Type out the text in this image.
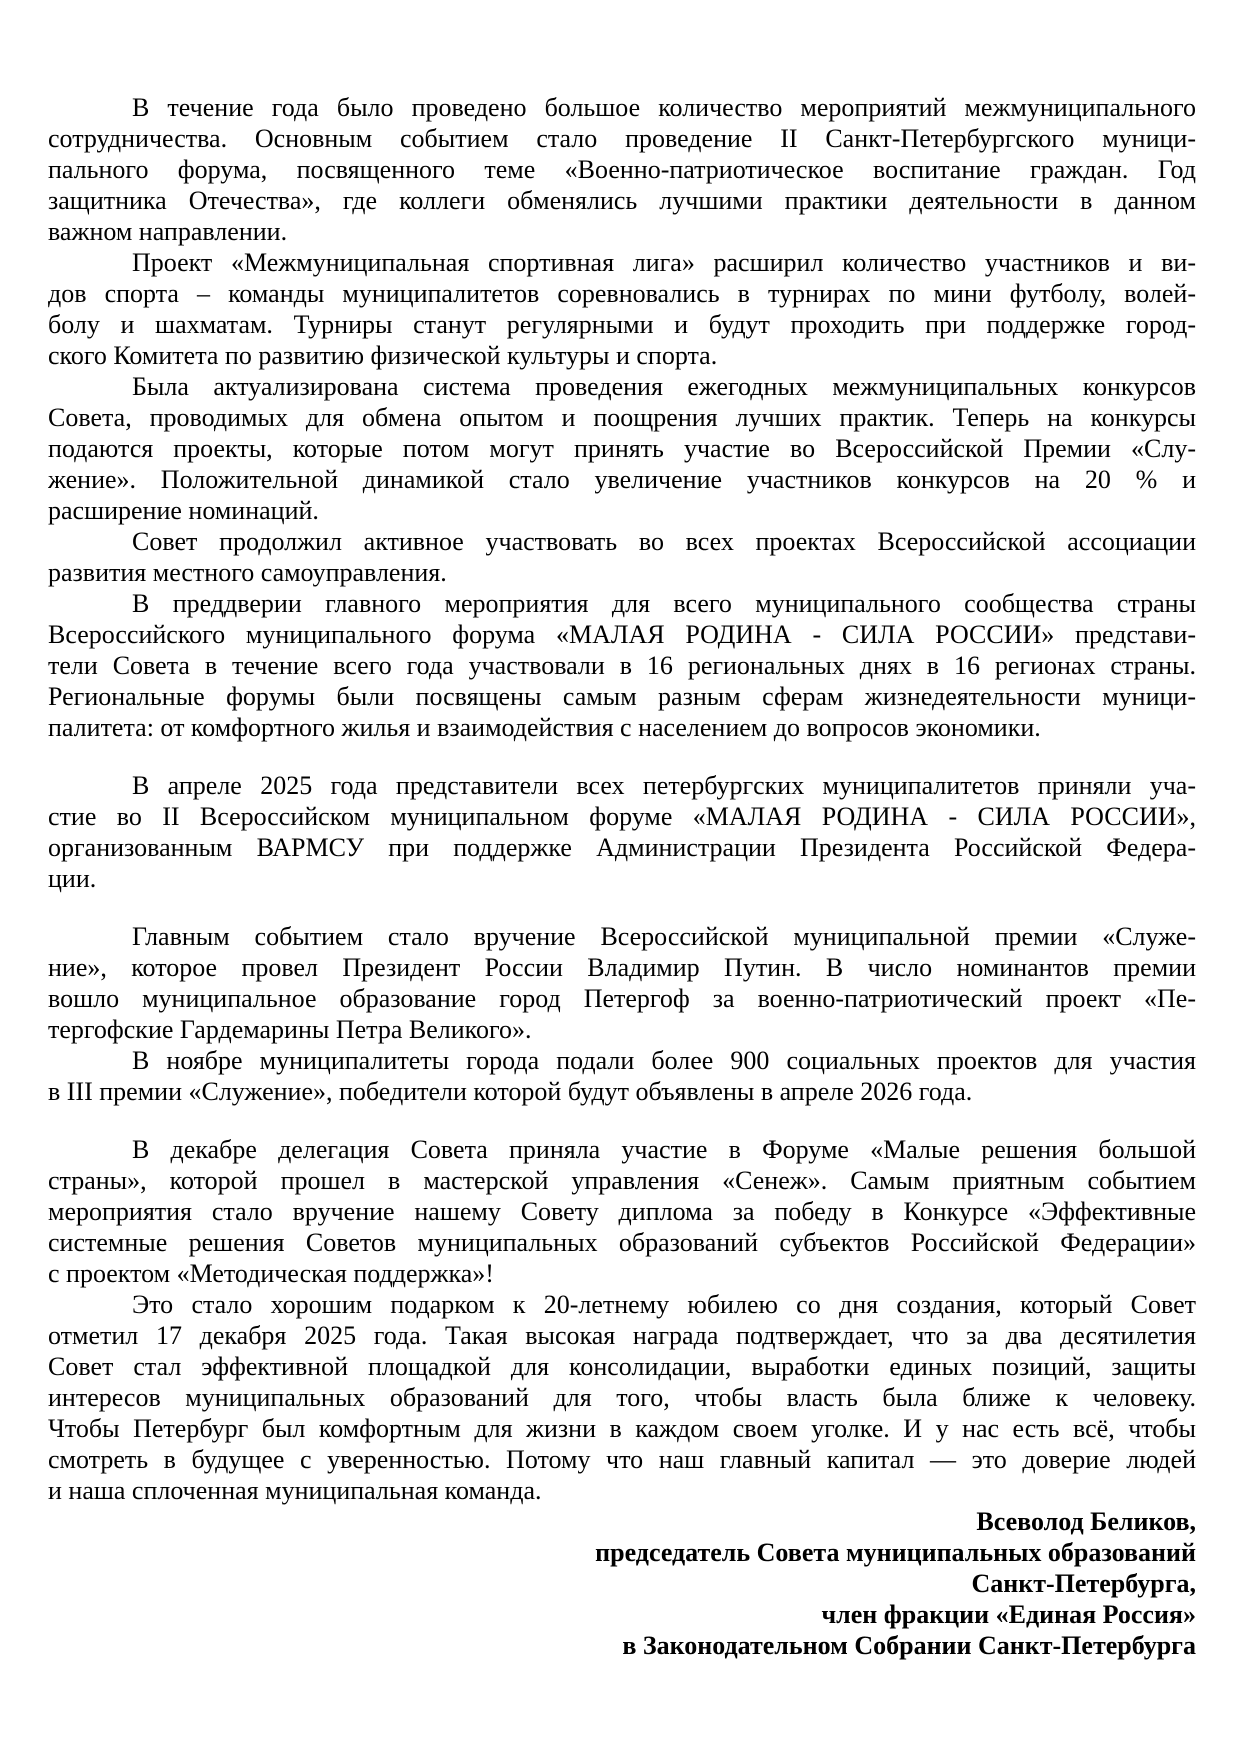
В течение года было проведено большое количество мероприятий межмуниципального
сотрудничества. Основным событием стало проведение II Санкт-Петербургского муници-
пального форума, посвященного теме «Военно-патриотическое воспитание граждан. Год
защитника Отечества», где коллеги обменялись лучшими практики деятельности в данном
важном направлении.
Проект «Межмуниципальная спортивная лига» расширил количество участников и ви-
дов спорта – команды муниципалитетов соревновались в турнирах по мини футболу, волей-
болу и шахматам. Турниры станут регулярными и будут проходить при поддержке город-
ского Комитета по развитию физической культуры и спорта.
Была актуализирована система проведения ежегодных межмуниципальных конкурсов
Совета, проводимых для обмена опытом и поощрения лучших практик. Теперь на конкурсы
подаются проекты, которые потом могут принять участие во Всероссийской Премии «Слу-
жение». Положительной динамикой стало увеличение участников конкурсов на 20 % и
расширение номинаций.
Совет продолжил активное участвовать во всех проектах Всероссийской ассоциации
развития местного самоуправления.
В преддверии главного мероприятия для всего муниципального сообщества страны
Всероссийского муниципального форума «МАЛАЯ РОДИНА - СИЛА РОССИИ» представи-
тели Совета в течение всего года участвовали в 16 региональных днях в 16 регионах страны.
Региональные форумы были посвящены самым разным сферам жизнедеятельности муници-
палитета: от комфортного жилья и взаимодействия с населением до вопросов экономики.
В апреле 2025 года представители всех петербургских муниципалитетов приняли уча-
стие во II Всероссийском муниципальном форуме «МАЛАЯ РОДИНА - СИЛА РОССИИ»,
организованным ВАРМСУ при поддержке Администрации Президента Российской Федера-
ции.
Главным событием стало вручение Всероссийской муниципальной премии «Служе-
ние», которое провел Президент России Владимир Путин. В число номинантов премии
вошло муниципальное образование город Петергоф за военно-патриотический проект «Пе-
тергофские Гардемарины Петра Великого».
В ноябре муниципалитеты города подали более 900 социальных проектов для участия
в III премии «Служение», победители которой будут объявлены в апреле 2026 года.
В декабре делегация Совета приняла участие в Форуме «Малые решения большой
страны», которой прошел в мастерской управления «Сенеж». Самым приятным событием
мероприятия стало вручение нашему Совету диплома за победу в Конкурсе «Эффективные
системные решения Советов муниципальных образований субъектов Российской Федерации»
с проектом «Методическая поддержка»!
Это стало хорошим подарком к 20-летнему юбилею со дня создания, который Совет
отметил 17 декабря 2025 года. Такая высокая награда подтверждает, что за два десятилетия
Совет стал эффективной площадкой для консолидации, выработки единых позиций, защиты
интересов муниципальных образований для того, чтобы власть была ближе к человеку.
Чтобы Петербург был комфортным для жизни в каждом своем уголке. И у нас есть всё, чтобы
смотреть в будущее с уверенностью. Потому что наш главный капитал — это доверие людей
и наша сплоченная муниципальная команда.
Всеволод Беликов,
председатель Совета муниципальных образований
Санкт-Петербурга,
член фракции «Единая Россия»
в Законодательном Собрании Санкт-Петербурга
